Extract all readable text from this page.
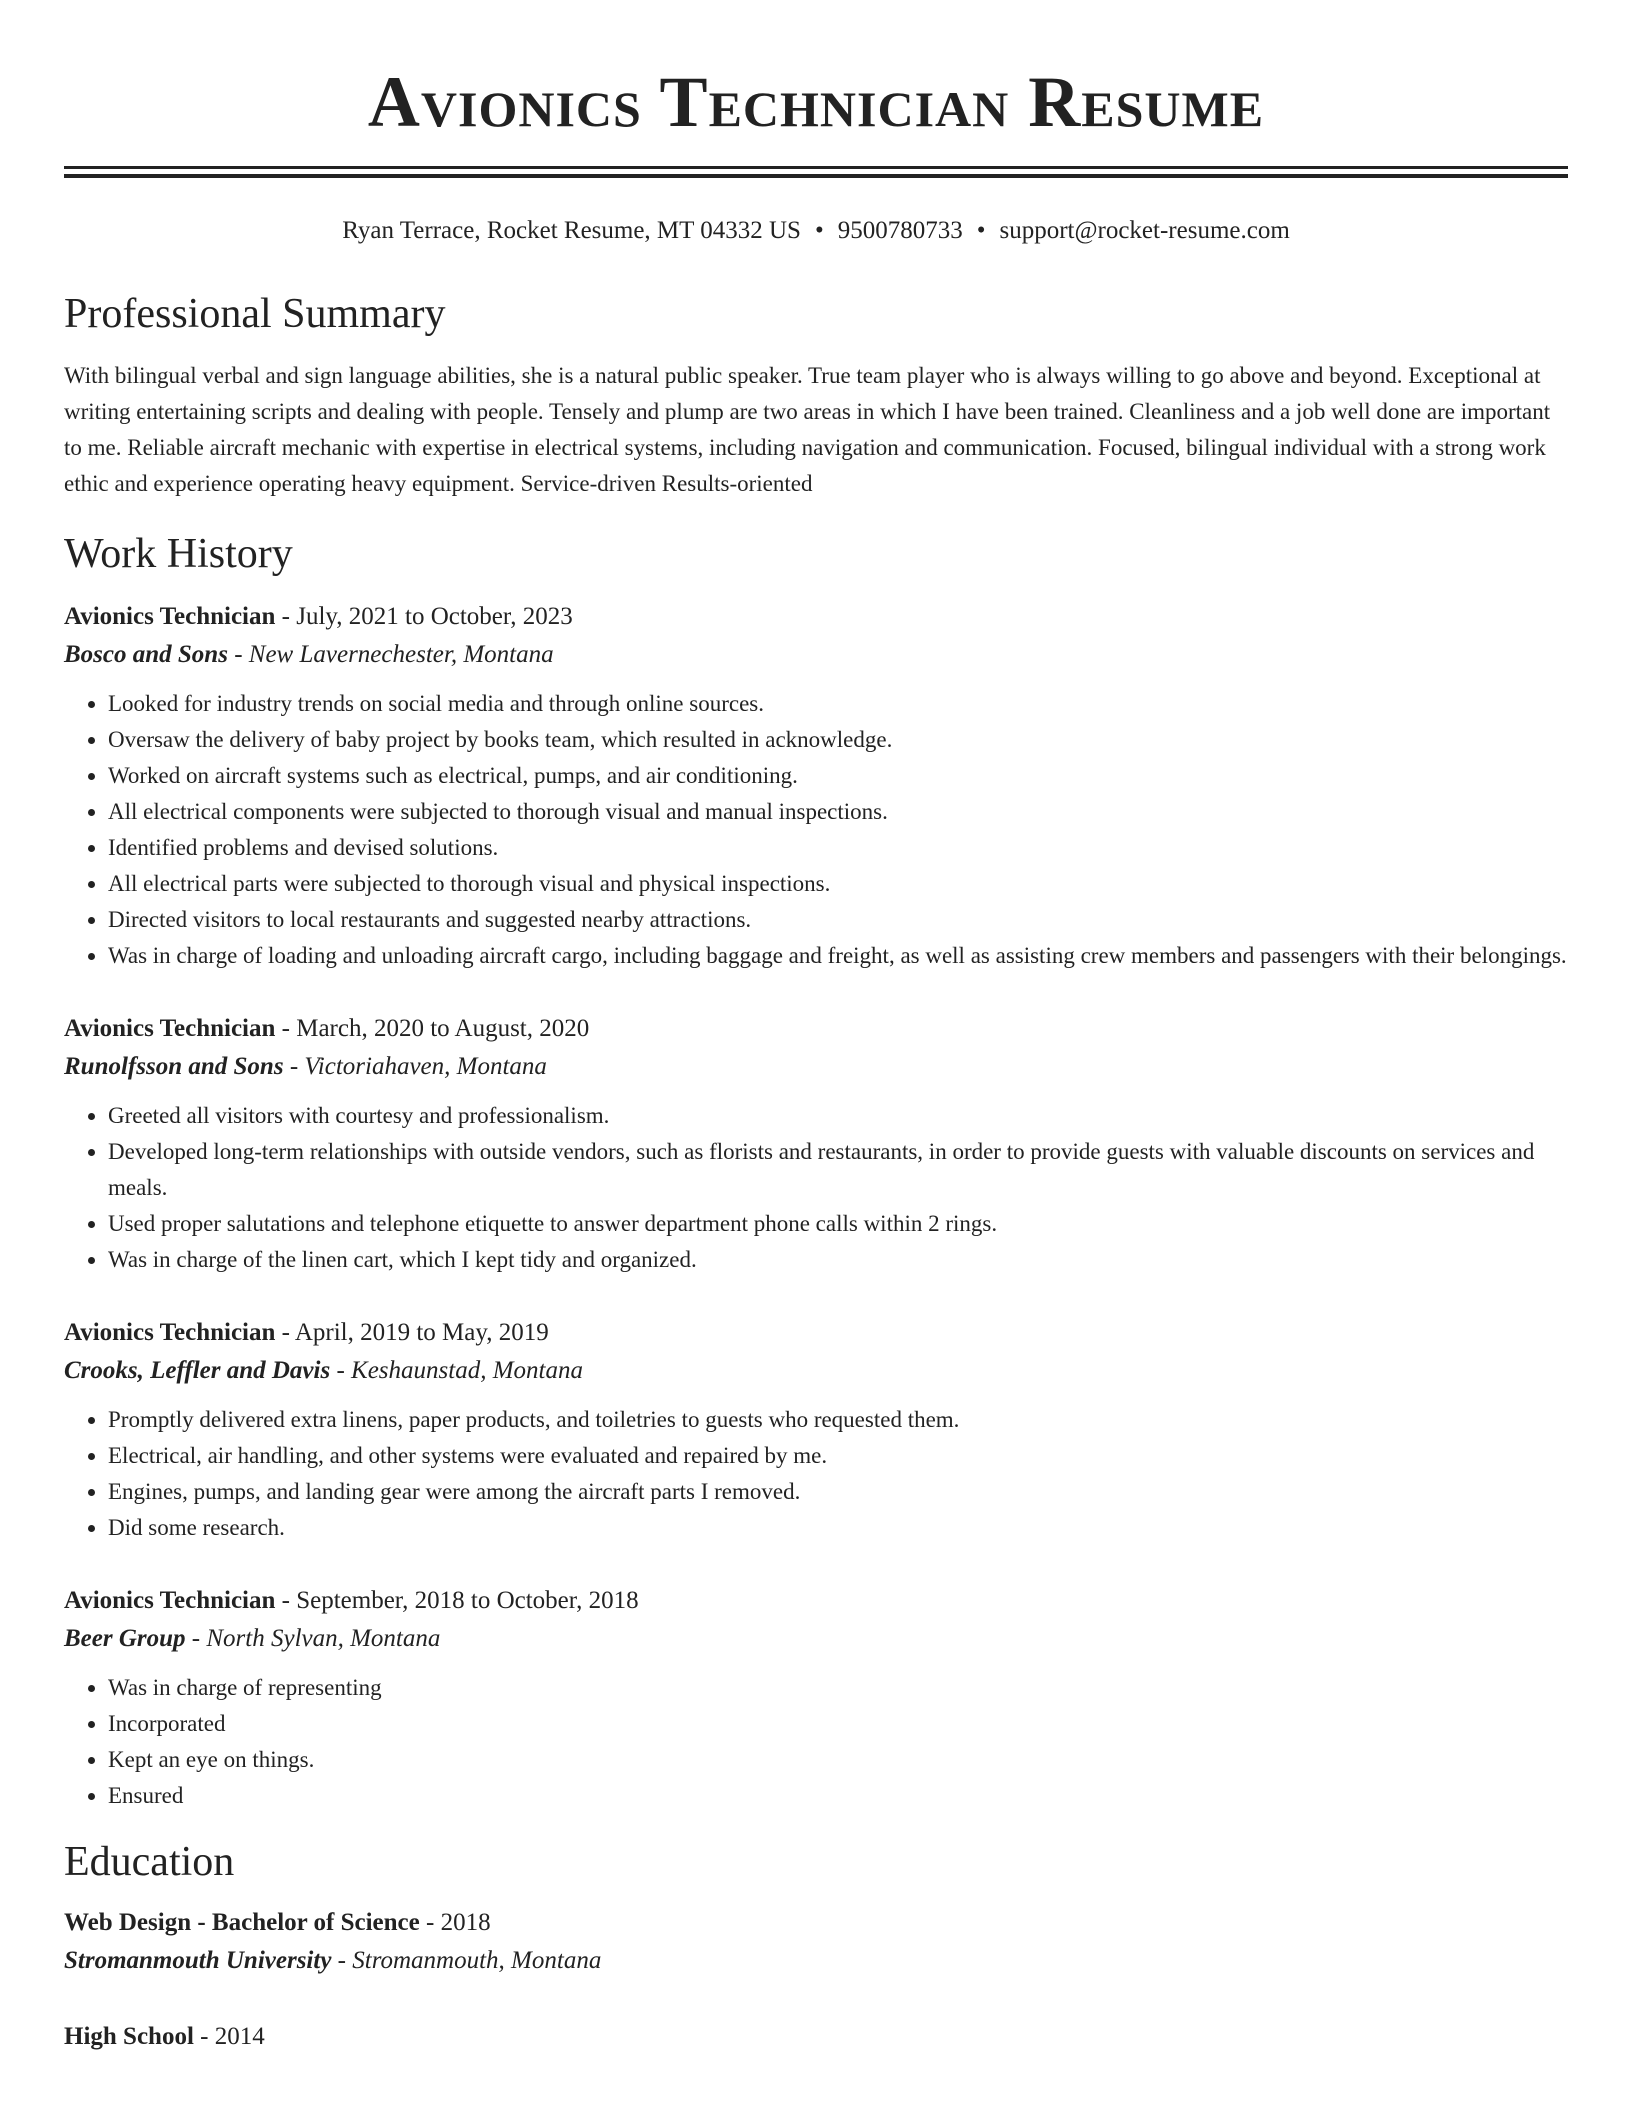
Avionics Technician Resume
Ryan Terrace, Rocket Resume, MT 04332 US • 9500780733 • support@rocket-resume.com
Professional Summary

With bilingual verbal and sign language abilities, she is a natural public speaker. True team player who is always willing to go above and beyond. Exceptional at writing entertaining scripts and dealing with people. Tensely and plump are two areas in which I have been trained. Cleanliness and a job well done are important to me. Reliable aircraft mechanic with expertise in electrical systems, including navigation and communication. Focused, bilingual individual with a strong work ethic and experience operating heavy equipment. Service-driven Results-oriented

Work History
Avionics Technician - July, 2021 to October, 2023
Bosco and Sons - New Lavernechester, Montana
• Looked for industry trends on social media and through online sources.
• Oversaw the delivery of baby project by books team, which resulted in acknowledge.
• Worked on aircraft systems such as electrical, pumps, and air conditioning.
• All electrical components were subjected to thorough visual and manual inspections.
• Identified problems and devised solutions.
• All electrical parts were subjected to thorough visual and physical inspections.
• Directed visitors to local restaurants and suggested nearby attractions.
• Was in charge of loading and unloading aircraft cargo, including baggage and freight, as well as assisting crew members and passengers with their belongings.
Avionics Technician - March, 2020 to August, 2020
Runolfsson and Sons - Victoriahaven, Montana
• Greeted all visitors with courtesy and professionalism.
• Developed long-term relationships with outside vendors, such as florists and restaurants, in order to provide guests with valuable discounts on services and meals.
• Used proper salutations and telephone etiquette to answer department phone calls within 2 rings.
• Was in charge of the linen cart, which I kept tidy and organized.
Avionics Technician - April, 2019 to May, 2019
Crooks, Leffler and Davis - Keshaunstad, Montana
• Promptly delivered extra linens, paper products, and toiletries to guests who requested them.
• Electrical, air handling, and other systems were evaluated and repaired by me.
• Engines, pumps, and landing gear were among the aircraft parts I removed.
• Did some research.
Avionics Technician - September, 2018 to October, 2018
Beer Group - North Sylvan, Montana
• Was in charge of representing
• Incorporated
• Kept an eye on things.
• Ensured
Education
Web Design - Bachelor of Science - 2018
Stromanmouth University - Stromanmouth, Montana
High School - 2014
